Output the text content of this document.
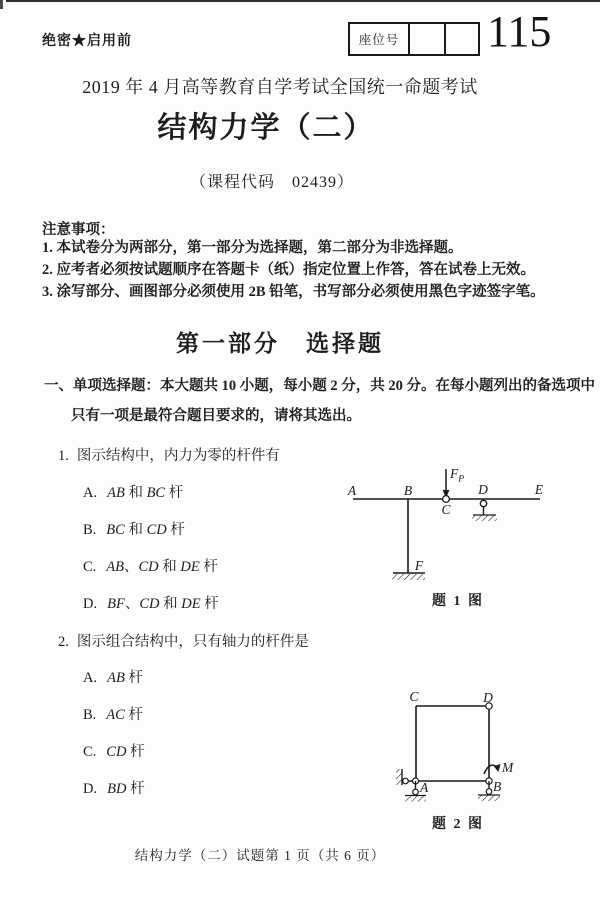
绝密★启用前	座位号 115
2019 年 4 月高等教育自学考试全国统一命题考试
结构力学（二）
（课程代码　02439）
注意事项：
1. 本试卷分为两部分，第一部分为选择题，第二部分为非选择题。
2. 应考者必须按试题顺序在答题卡（纸）指定位置上作答，答在试卷上无效。
3. 涂写部分、画图部分必须使用 2B 铅笔，书写部分必须使用黑色字迹签字笔。
第一部分　选择题
一、单项选择题：本大题共 10 小题，每小题 2 分，共 20 分。在每小题列出的备选项中
只有一项是最符合题目要求的，请将其选出。
1. 图示结构中，内力为零的杆件有
A. AB 和 BC 杆
B. BC 和 CD 杆
C. AB、CD 和 DE 杆
D. BF、CD 和 DE 杆
A	B
C
D	E
F
$F_P$
题 1 图
2. 图示组合结构中，只有轴力的杆件是
A. AB 杆
B. AC 杆
C. CD 杆
D. BD 杆
C	D
A	B
M
题 2 图
结构力学（二）试题第 1 页（共 6 页）
